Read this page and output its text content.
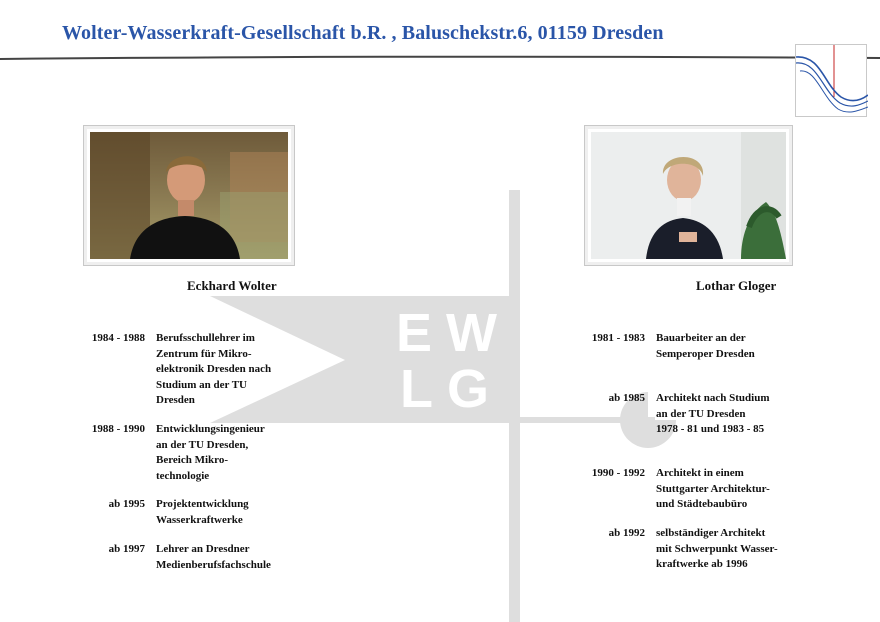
Wolter-Wasserkraft-Gesellschaft b.R. , Baluschekstr.6, 01159 Dresden
EW
LG
Eckhard Wolter	Lothar Gloger
1984 - 1988 Berufsschullehrer im
Zentrum für Mikro-
elektronik Dresden nach
Studium an der TU
Dresden
1988 - 1990 Entwicklungsingenieur
an der TU Dresden,
Bereich Mikro-
technologie
ab 1995 Projektentwicklung
Wasserkraftwerke
ab 1997 Lehrer an Dresdner
Medienberufsfachschule
1981 - 1983 Bauarbeiter an der
Semperoper Dresden
ab 1985 Architekt nach Studium
an der TU Dresden
1978 - 81 und 1983 - 85
1990 - 1992 Architekt in einem
Stuttgarter Architektur-
und Städtebaubüro
ab 1992 selbständiger Architekt
mit Schwerpunkt Wasser-
kraftwerke ab 1996
